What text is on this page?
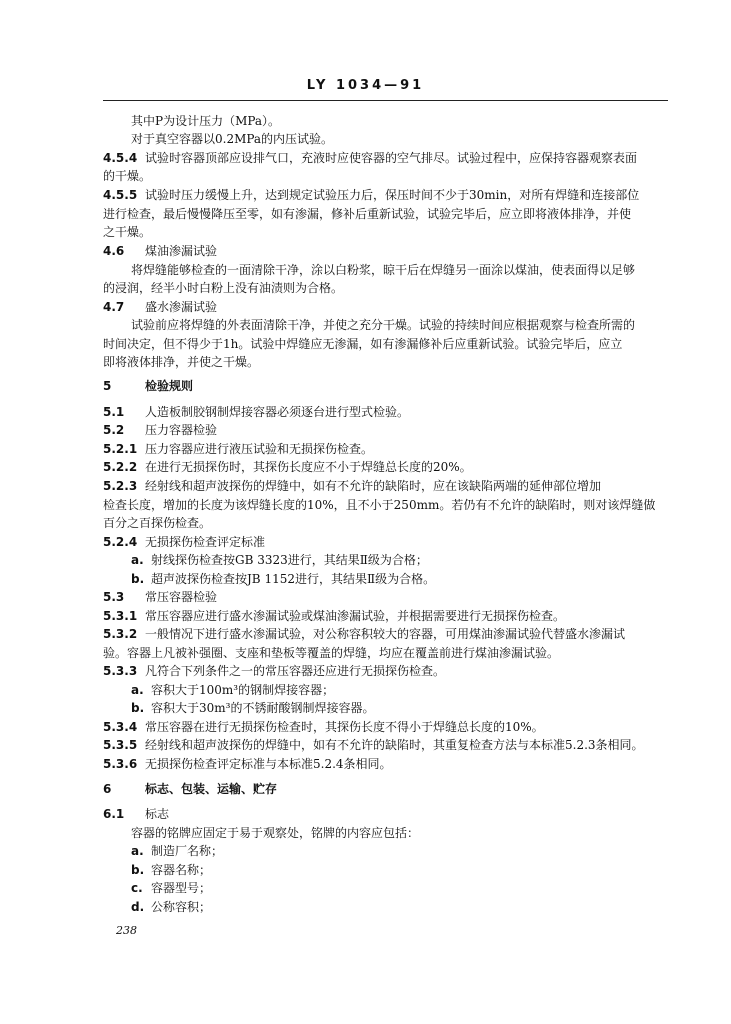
LY 1034—91
其中P为设计压力（MPa）。
对于真空容器以0.2MPa的内压试验。
4.5.4 试验时容器顶部应设排气口，充液时应使容器的空气排尽。试验过程中，应保持容器观察表面
的干燥。
4.5.5 试验时压力缓慢上升，达到规定试验压力后，保压时间不少于30min，对所有焊缝和连接部位
进行检查，最后慢慢降压至零，如有渗漏，修补后重新试验，试验完毕后，应立即将液体排净，并使
之干燥。
4.6 煤油渗漏试验
将焊缝能够检查的一面清除干净，涂以白粉浆，晾干后在焊缝另一面涂以煤油，使表面得以足够
的浸润，经半小时白粉上没有油渍则为合格。
4.7 盛水渗漏试验
试验前应将焊缝的外表面清除干净，并使之充分干燥。试验的持续时间应根据观察与检查所需的
时间决定，但不得少于1h。试验中焊缝应无渗漏，如有渗漏修补后应重新试验。试验完毕后，应立
即将液体排净，并使之干燥。
5	检验规则
5.1 人造板制胶钢制焊接容器必须逐台进行型式检验。
5.2 压力容器检验
5.2.1 压力容器应进行液压试验和无损探伤检查。
5.2.2 在进行无损探伤时，其探伤长度应不小于焊缝总长度的20%。
5.2.3 经射线和超声波探伤的焊缝中，如有不允许的缺陷时，应在该缺陷两端的延伸部位增加
检查长度，增加的长度为该焊缝长度的10%，且不小于250mm。若仍有不允许的缺陷时，则对该焊缝做
百分之百探伤检查。
5.2.4 无损探伤检查评定标准
a. 射线探伤检查按GB 3323进行，其结果Ⅱ级为合格；
b. 超声波探伤检查按JB 1152进行，其结果Ⅱ级为合格。
5.3 常压容器检验
5.3.1 常压容器应进行盛水渗漏试验或煤油渗漏试验，并根据需要进行无损探伤检查。
5.3.2 一般情况下进行盛水渗漏试验，对公称容积较大的容器，可用煤油渗漏试验代替盛水渗漏试
验。容器上凡被补强圈、支座和垫板等覆盖的焊缝，均应在覆盖前进行煤油渗漏试验。
5.3.3 凡符合下列条件之一的常压容器还应进行无损探伤检查。
a. 容积大于100m³的钢制焊接容器；
b. 容积大于30m³的不锈耐酸钢制焊接容器。
5.3.4 常压容器在进行无损探伤检查时，其探伤长度不得小于焊缝总长度的10%。
5.3.5 经射线和超声波探伤的焊缝中，如有不允许的缺陷时，其重复检查方法与本标准5.2.3条相同。
5.3.6 无损探伤检查评定标准与本标准5.2.4条相同。
6	标志、包装、运输、贮存
6.1 标志
容器的铭牌应固定于易于观察处，铭牌的内容应包括：
a. 制造厂名称；
b. 容器名称；
c. 容器型号；
d. 公称容积；
238
